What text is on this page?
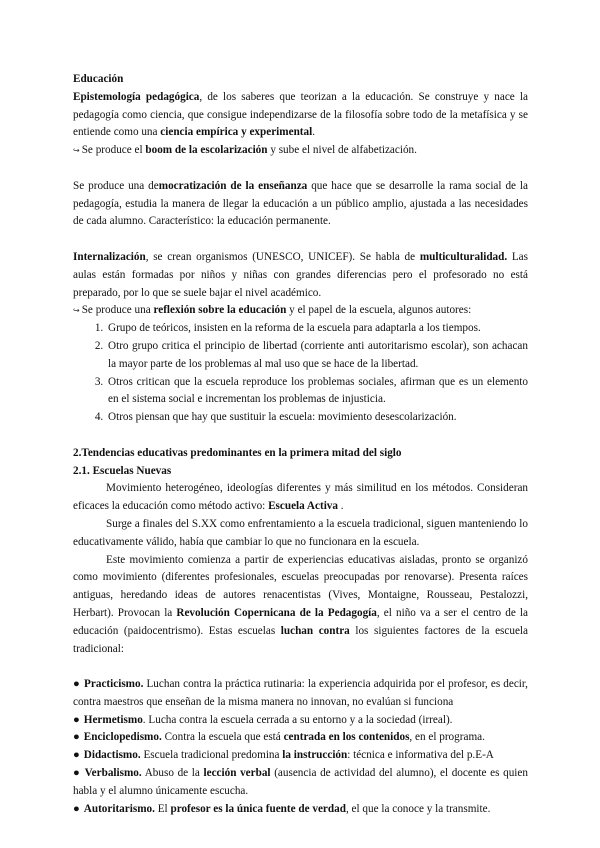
Educación

Epistemología pedagógica, de los saberes que teorizan a la educación. Se construye y nace la pedagogía como ciencia, que consigue independizarse de la filosofía sobre todo de la metafísica y se entiende como una ciencia empírica y experimental.

↪ Se produce el boom de la escolarización y sube el nivel de alfabetización.

Se produce una democratización de la enseñanza que hace que se desarrolle la rama social de la pedagogía, estudia la manera de llegar la educación a un público amplio, ajustada a las necesidades de cada alumno. Característico: la educación permanente.

Internalización, se crean organismos (UNESCO, UNICEF). Se habla de multiculturalidad. Las aulas están formadas por niños y niñas con grandes diferencias pero el profesorado no está preparado, por lo que se suele bajar el nivel académico.

↪ Se produce una reflexión sobre la educación y el papel de la escuela, algunos autores:

1. Grupo de teóricos, insisten en la reforma de la escuela para adaptarla a los tiempos.
2. Otro grupo critica el principio de libertad (corriente anti autoritarismo escolar), son achacan la mayor parte de los problemas al mal uso que se hace de la libertad.
3. Otros critican que la escuela reproduce los problemas sociales, afirman que es un elemento en el sistema social e incrementan los problemas de injusticia.
4. Otros piensan que hay que sustituir la escuela: movimiento desescolarización.

2.Tendencias educativas predominantes en la primera mitad del siglo

2.1. Escuelas Nuevas

Movimiento heterogéneo, ideologías diferentes y más similitud en los métodos. Consideran eficaces la educación como método activo: Escuela Activa .

Surge a finales del S.XX como enfrentamiento a la escuela tradicional, siguen manteniendo lo educativamente válido, había que cambiar lo que no funcionara en la escuela.

Este movimiento comienza a partir de experiencias educativas aisladas, pronto se organizó como movimiento (diferentes profesionales, escuelas preocupadas por renovarse). Presenta raíces antiguas, heredando ideas de autores renacentistas (Vives, Montaigne, Rousseau, Pestalozzi, Herbart). Provocan la Revolución Copernicana de la Pedagogía, el niño va a ser el centro de la educación (paidocentrismo). Estas escuelas luchan contra los siguientes factores de la escuela tradicional:

● Practicismo. Luchan contra la práctica rutinaria: la experiencia adquirida por el profesor, es decir, contra maestros que enseñan de la misma manera no innovan, no evalúan si funciona

● Hermetismo. Lucha contra la escuela cerrada a su entorno y a la sociedad (irreal).

● Enciclopedismo. Contra la escuela que está centrada en los contenidos, en el programa.

● Didactismo. Escuela tradicional predomina la instrucción: técnica e informativa del p.E-A

● Verbalismo. Abuso de la lección verbal (ausencia de actividad del alumno), el docente es quien habla y el alumno únicamente escucha.

● Autoritarismo. El profesor es la única fuente de verdad, el que la conoce y la transmite.
